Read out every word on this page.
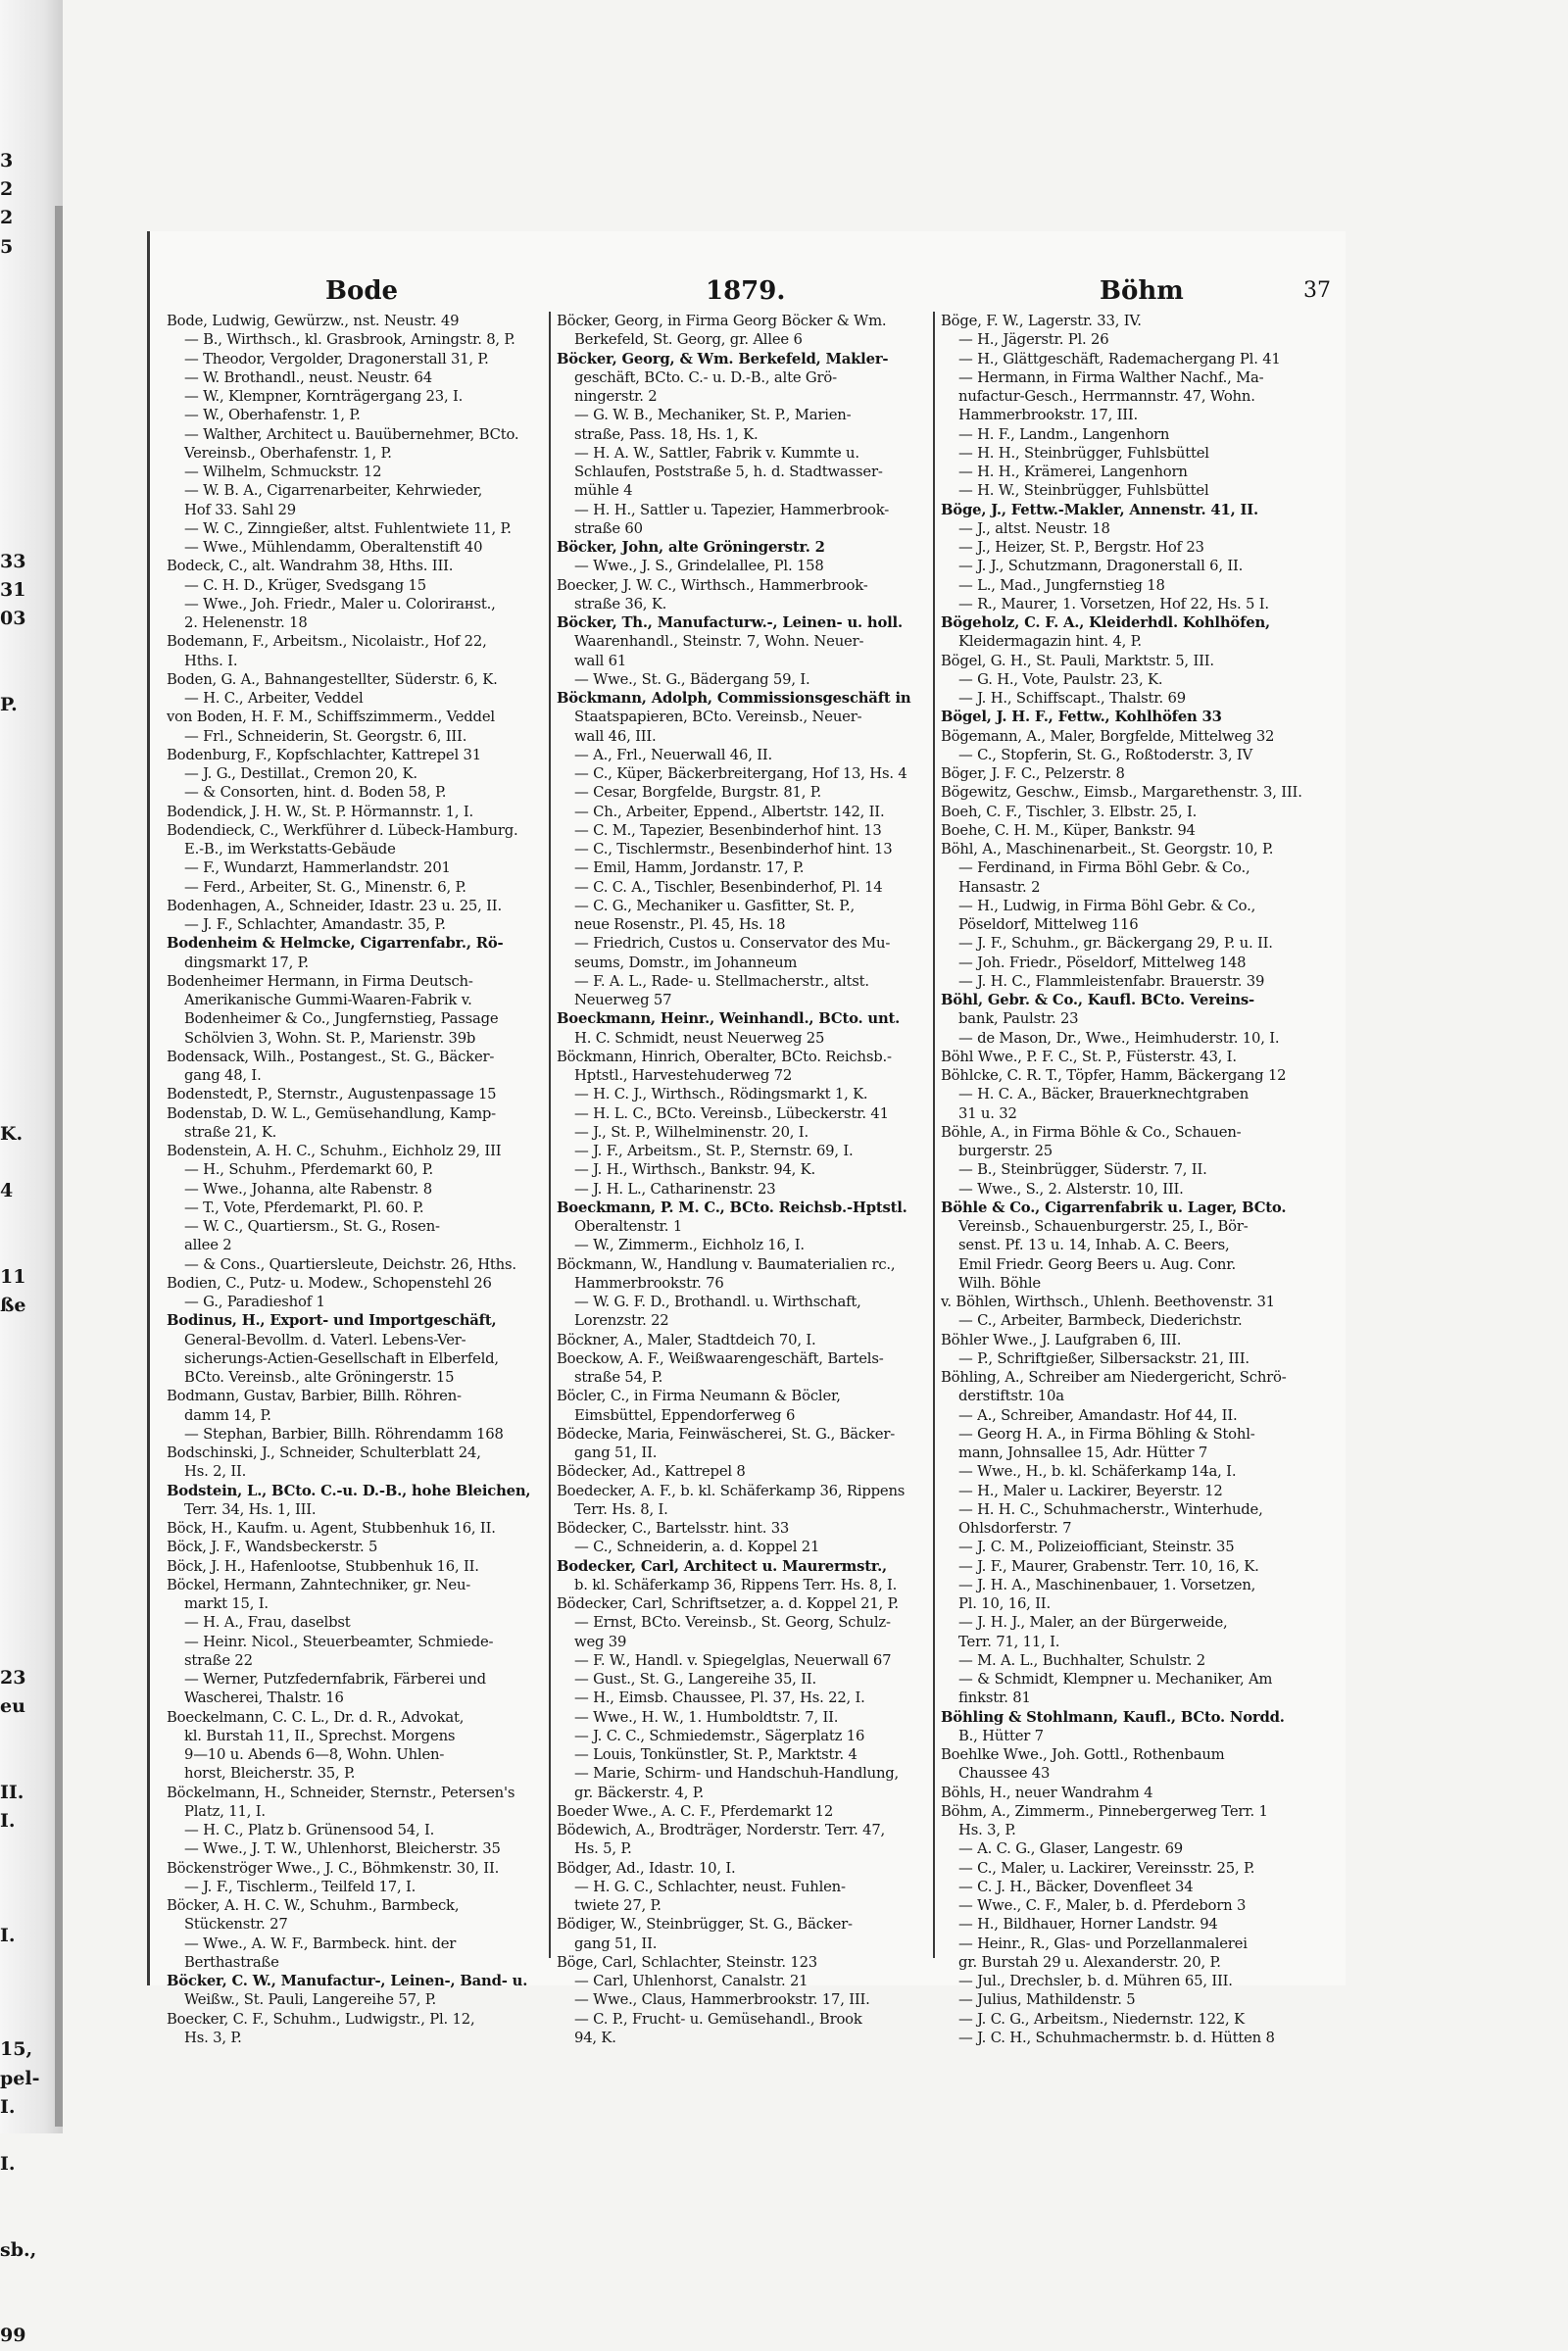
3
2
2
5

33
31
03

P.

K.

4

11
ße

23
eu

II.
I.

I.

15,
pel-
I.

I.

sb.,

99
Bode	1879.	Böhm	37
Bode, Ludwig, Gewürzw., nst. Neustr. 49
— B., Wirthsch., kl. Grasbrook, Arningstr. 8, P.
— Theodor, Vergolder, Dragonerstall 31, P.
— W. Brothandl., neust. Neustr. 64
— W., Klempner, Kornträgergang 23, I.
— W., Oberhafenstr. 1, P.
— Walther, Architect u. Bauübernehmer, BCto.
Vereinsb., Oberhafenstr. 1, P.
— Wilhelm, Schmuckstr. 12
— W. B. A., Cigarrenarbeiter, Kehrwieder,
Hof 33. Sahl 29
— W. C., Zinngießer, altst. Fuhlentwiete 11, P.
— Wwe., Mühlendamm, Oberaltenstift 40
Bodeck, C., alt. Wandrahm 38, Hths. III.
— C. H. D., Krüger, Svedsgang 15
— Wwe., Joh. Friedr., Maler u. Colorirанst.,
2. Helenenstr. 18
Bodemann, F., Arbeitsm., Nicolaistr., Hof 22,
Hths. I.
Boden, G. A., Bahnangestellter, Süderstr. 6, K.
— H. C., Arbeiter, Veddel
von Boden, H. F. M., Schiffszimmerm., Veddel
— Frl., Schneiderin, St. Georgstr. 6, III.
Bodenburg, F., Kopfschlachter, Kattrepel 31
— J. G., Destillat., Cremon 20, K.
— & Consorten, hint. d. Boden 58, P.
Bodendick, J. H. W., St. P. Hörmannstr. 1, I.
Bodendieck, C., Werkführer d. Lübeck-Hamburg.
E.-B., im Werkstatts-Gebäude
— F., Wundarzt, Hammerlandstr. 201
— Ferd., Arbeiter, St. G., Minenstr. 6, P.
Bodenhagen, A., Schneider, Idastr. 23 u. 25, II.
— J. F., Schlachter, Amandastr. 35, P.
Bodenheim & Helmcke, Cigarrenfabr., Rö-
dingsmarkt 17, P.
Bodenheimer Hermann, in Firma Deutsch-
Amerikanische Gummi-Waaren-Fabrik v.
Bodenheimer & Co., Jungfernstieg, Passage
Schölvien 3, Wohn. St. P., Marienstr. 39b
Bodensack, Wilh., Postangest., St. G., Bäcker-
gang 48, I.
Bodenstedt, P., Sternstr., Augustenpassage 15
Bodenstab, D. W. L., Gemüsehandlung, Kamp-
straße 21, K.
Bodenstein, A. H. C., Schuhm., Eichholz 29, III
— H., Schuhm., Pferdemarkt 60, P.
— Wwe., Johanna, alte Rabenstr. 8
— T., Vote, Pferdemarkt, Pl. 60. P.
— W. C., Quartiersm., St. G., Rosen-
allee 2
— & Cons., Quartiersleute, Deichstr. 26, Hths.
Bodien, C., Putz- u. Modew., Schopenstehl 26
— G., Paradieshof 1
Bodinus, H., Export- und Importgeschäft,
General-Bevollm. d. Vaterl. Lebens-Ver-
sicherungs-Actien-Gesellschaft in Elberfeld,
BCto. Vereinsb., alte Gröningerstr. 15
Bodmann, Gustav, Barbier, Billh. Röhren-
damm 14, P.
— Stephan, Barbier, Billh. Röhrendamm 168
Bodschinski, J., Schneider, Schulterblatt 24,
Hs. 2, II.
Bodstein, L., BCto. C.-u. D.-B., hohe Bleichen,
Terr. 34, Hs. 1, III.
Böck, H., Kaufm. u. Agent, Stubbenhuk 16, II.
Böck, J. F., Wandsbeckerstr. 5
Böck, J. H., Hafenlootse, Stubbenhuk 16, II.
Böckel, Hermann, Zahntechniker, gr. Neu-
markt 15, I.
— H. A., Frau, daselbst
— Heinr. Nicol., Steuerbeamter, Schmiede-
straße 22
— Werner, Putzfedernfabrik, Färberei und
Wascherei, Thalstr. 16
Boeckelmann, C. C. L., Dr. d. R., Advokat,
kl. Burstah 11, II., Sprechst. Morgens
9—10 u. Abends 6—8, Wohn. Uhlen-
horst, Bleicherstr. 35, P.
Böckelmann, H., Schneider, Sternstr., Petersen's
Platz, 11, I.
— H. C., Platz b. Grünensood 54, I.
— Wwe., J. T. W., Uhlenhorst, Bleicherstr. 35
Böckenströger Wwe., J. C., Böhmkenstr. 30, II.
— J. F., Tischlerm., Teilfeld 17, I.
Böcker, A. H. C. W., Schuhm., Barmbeck,
Stückenstr. 27
— Wwe., A. W. F., Barmbeck. hint. der
Berthastraße
Böcker, C. W., Manufactur-, Leinen-, Band- u.
Weißw., St. Pauli, Langereihe 57, P.
Boecker, C. F., Schuhm., Ludwigstr., Pl. 12,
Hs. 3, P.
Böcker, Georg, in Firma Georg Böcker & Wm.
Berkefeld, St. Georg, gr. Allee 6
Böcker, Georg, & Wm. Berkefeld, Makler-
geschäft, BCto. C.- u. D.-B., alte Grö-
ningerstr. 2
— G. W. B., Mechaniker, St. P., Marien-
straße, Pass. 18, Hs. 1, K.
— H. A. W., Sattler, Fabrik v. Kummte u.
Schlaufen, Poststraße 5, h. d. Stadtwasser-
mühle 4
— H. H., Sattler u. Tapezier, Hammerbrook-
straße 60
Böcker, John, alte Gröningerstr. 2
— Wwe., J. S., Grindelallee, Pl. 158
Boecker, J. W. C., Wirthsch., Hammerbrook-
straße 36, K.
Böcker, Th., Manufacturw.-, Leinen- u. holl.
Waarenhandl., Steinstr. 7, Wohn. Neuer-
wall 61
— Wwe., St. G., Bädergang 59, I.
Böckmann, Adolph, Commissionsgeschäft in
Staatspapieren, BCto. Vereinsb., Neuer-
wall 46, III.
— A., Frl., Neuerwall 46, II.
— C., Küper, Bäckerbreitergang, Hof 13, Hs. 4
— Cesar, Borgfelde, Burgstr. 81, P.
— Ch., Arbeiter, Eppend., Albertstr. 142, II.
— C. M., Tapezier, Besenbinderhof hint. 13
— C., Tischlermstr., Besenbinderhof hint. 13
— Emil, Hamm, Jordanstr. 17, P.
— C. C. A., Tischler, Besenbinderhof, Pl. 14
— C. G., Mechaniker u. Gasfitter, St. P.,
neue Rosenstr., Pl. 45, Hs. 18
— Friedrich, Custos u. Conservator des Mu-
seums, Domstr., im Johanneum
— F. A. L., Rade- u. Stellmacherstr., altst.
Neuerweg 57
Boeckmann, Heinr., Weinhandl., BCto. unt.
H. C. Schmidt, neust Neuerweg 25
Böckmann, Hinrich, Oberalter, BCto. Reichsb.-
Hptstl., Harvestehuderweg 72
— H. C. J., Wirthsch., Rödingsmarkt 1, K.
— H. L. C., BCto. Vereinsb., Lübeckerstr. 41
— J., St. P., Wilhelminenstr. 20, I.
— J. F., Arbeitsm., St. P., Sternstr. 69, I.
— J. H., Wirthsch., Bankstr. 94, K.
— J. H. L., Catharinenstr. 23
Boeckmann, P. M. C., BCto. Reichsb.-Hptstl.
Oberaltenstr. 1
— W., Zimmerm., Eichholz 16, I.
Böckmann, W., Handlung v. Baumaterialien rc.,
Hammerbrookstr. 76
— W. G. F. D., Brothandl. u. Wirthschaft,
Lorenzstr. 22
Böckner, A., Maler, Stadtdeich 70, I.
Boeckow, A. F., Weißwaarengeschäft, Bartels-
straße 54, P.
Böcler, C., in Firma Neumann & Böcler,
Eimsbüttel, Eppendorferweg 6
Bödecke, Maria, Feinwäscherei, St. G., Bäcker-
gang 51, II.
Bödecker, Ad., Kattrepel 8
Boedecker, A. F., b. kl. Schäferkamp 36, Rippens
Terr. Hs. 8, I.
Bödecker, C., Bartelsstr. hint. 33
— C., Schneiderin, a. d. Koppel 21
Bodecker, Carl, Architect u. Maurermstr.,
b. kl. Schäferkamp 36, Rippens Terr. Hs. 8, I.
Bödecker, Carl, Schriftsetzer, a. d. Koppel 21, P.
— Ernst, BCto. Vereinsb., St. Georg, Schulz-
weg 39
— F. W., Handl. v. Spiegelglas, Neuerwall 67
— Gust., St. G., Langereihe 35, II.
— H., Eimsb. Chaussee, Pl. 37, Hs. 22, I.
— Wwe., H. W., 1. Humboldtstr. 7, II.
— J. C. C., Schmiedemstr., Sägerplatz 16
— Louis, Tonkünstler, St. P., Marktstr. 4
— Marie, Schirm- und Handschuh-Handlung,
gr. Bäckerstr. 4, P.
Boeder Wwe., A. C. F., Pferdemarkt 12
Bödewich, A., Brodträger, Norderstr. Terr. 47,
Hs. 5, P.
Bödger, Ad., Idastr. 10, I.
— H. G. C., Schlachter, neust. Fuhlen-
twiete 27, P.
Bödiger, W., Steinbrügger, St. G., Bäcker-
gang 51, II.
Böge, Carl, Schlachter, Steinstr. 123
— Carl, Uhlenhorst, Canalstr. 21
— Wwe., Claus, Hammerbrookstr. 17, III.
— C. P., Frucht- u. Gemüsehandl., Brook
94, K.
Böge, F. W., Lagerstr. 33, IV.
— H., Jägerstr. Pl. 26
— H., Glättgeschäft, Rademachergang Pl. 41
— Hermann, in Firma Walther Nachf., Ma-
nufactur-Gesch., Herrmannstr. 47, Wohn.
Hammerbrookstr. 17, III.
— H. F., Landm., Langenhorn
— H. H., Steinbrügger, Fuhlsbüttel
— H. H., Krämerei, Langenhorn
— H. W., Steinbrügger, Fuhlsbüttel
Böge, J., Fettw.-Makler, Annenstr. 41, II.
— J., altst. Neustr. 18
— J., Heizer, St. P., Bergstr. Hof 23
— J. J., Schutzmann, Dragonerstall 6, II.
— L., Mad., Jungfernstieg 18
— R., Maurer, 1. Vorsetzen, Hof 22, Hs. 5 I.
Bögeholz, C. F. A., Kleiderhdl. Kohlhöfen,
Kleidermagazin hint. 4, P.
Bögel, G. H., St. Pauli, Marktstr. 5, III.
— G. H., Vote, Paulstr. 23, K.
— J. H., Schiffscapt., Thalstr. 69
Bögel, J. H. F., Fettw., Kohlhöfen 33
Bögemann, A., Maler, Borgfelde, Mittelweg 32
— C., Stopferin, St. G., Roßtoderstr. 3, IV
Böger, J. F. C., Pelzerstr. 8
Bögewitz, Geschw., Eimsb., Margarethenstr. 3, III.
Boeh, C. F., Tischler, 3. Elbstr. 25, I.
Boehe, C. H. M., Küper, Bankstr. 94
Böhl, A., Maschinenarbeit., St. Georgstr. 10, P.
— Ferdinand, in Firma Böhl Gebr. & Co.,
Hansastr. 2
— H., Ludwig, in Firma Böhl Gebr. & Co.,
Pöseldorf, Mittelweg 116
— J. F., Schuhm., gr. Bäckergang 29, P. u. II.
— Joh. Friedr., Pöseldorf, Mittelweg 148
— J. H. C., Flammleistenfabr. Brauerstr. 39
Böhl, Gebr. & Co., Kaufl. BCto. Vereins-
bank, Paulstr. 23
— de Mason, Dr., Wwe., Heimhuderstr. 10, I.
Böhl Wwe., P. F. C., St. P., Füsterstr. 43, I.
Böhlcke, C. R. T., Töpfer, Hamm, Bäckergang 12
— H. C. A., Bäcker, Brauerknechtgraben
31 u. 32
Böhle, A., in Firma Böhle & Co., Schauen-
burgerstr. 25
— B., Steinbrügger, Süderstr. 7, II.
— Wwe., S., 2. Alsterstr. 10, III.
Böhle & Co., Cigarrenfabrik u. Lager, BCto.
Vereinsb., Schauenburgerstr. 25, I., Bör-
senst. Pf. 13 u. 14, Inhab. A. C. Beers,
Emil Friedr. Georg Beers u. Aug. Conr.
Wilh. Böhle
v. Böhlen, Wirthsch., Uhlenh. Beethovenstr. 31
— C., Arbeiter, Barmbeck, Diederichstr.
Böhler Wwe., J. Laufgraben 6, III.
— P., Schriftgießer, Silbersackstr. 21, III.
Böhling, A., Schreiber am Niedergericht, Schrö-
derstiftstr. 10a
— A., Schreiber, Amandastr. Hof 44, II.
— Georg H. A., in Firma Böhling & Stohl-
mann, Johnsallee 15, Adr. Hütter 7
— Wwe., H., b. kl. Schäferkamp 14a, I.
— H., Maler u. Lackirer, Beyerstr. 12
— H. H. C., Schuhmacherstr., Winterhude,
Ohlsdorferstr. 7
— J. C. M., Polizeiofficiant, Steinstr. 35
— J. F., Maurer, Grabenstr. Terr. 10, 16, K.
— J. H. A., Maschinenbauer, 1. Vorsetzen,
Pl. 10, 16, II.
— J. H. J., Maler, an der Bürgerweide,
Terr. 71, 11, I.
— M. A. L., Buchhalter, Schulstr. 2
— & Schmidt, Klempner u. Mechaniker, Am
finkstr. 81
Böhling & Stohlmann, Kaufl., BCto. Nordd.
B., Hütter 7
Boehlke Wwe., Joh. Gottl., Rothenbaum
Chaussee 43
Böhls, H., neuer Wandrahm 4
Böhm, A., Zimmerm., Pinnebergerweg Terr. 1
Hs. 3, P.
— A. C. G., Glaser, Langestr. 69
— C., Maler, u. Lackirer, Vereinsstr. 25, P.
— C. J. H., Bäcker, Dovenfleet 34
— Wwe., C. F., Maler, b. d. Pferdeborn 3
— H., Bildhauer, Horner Landstr. 94
— Heinr., R., Glas- und Porzellanmalerei
gr. Burstah 29 u. Alexanderstr. 20, P.
— Jul., Drechsler, b. d. Mühren 65, III.
— Julius, Mathildenstr. 5
— J. C. G., Arbeitsm., Niedernstr. 122, K
— J. C. H., Schuhmachermstr. b. d. Hütten 8
